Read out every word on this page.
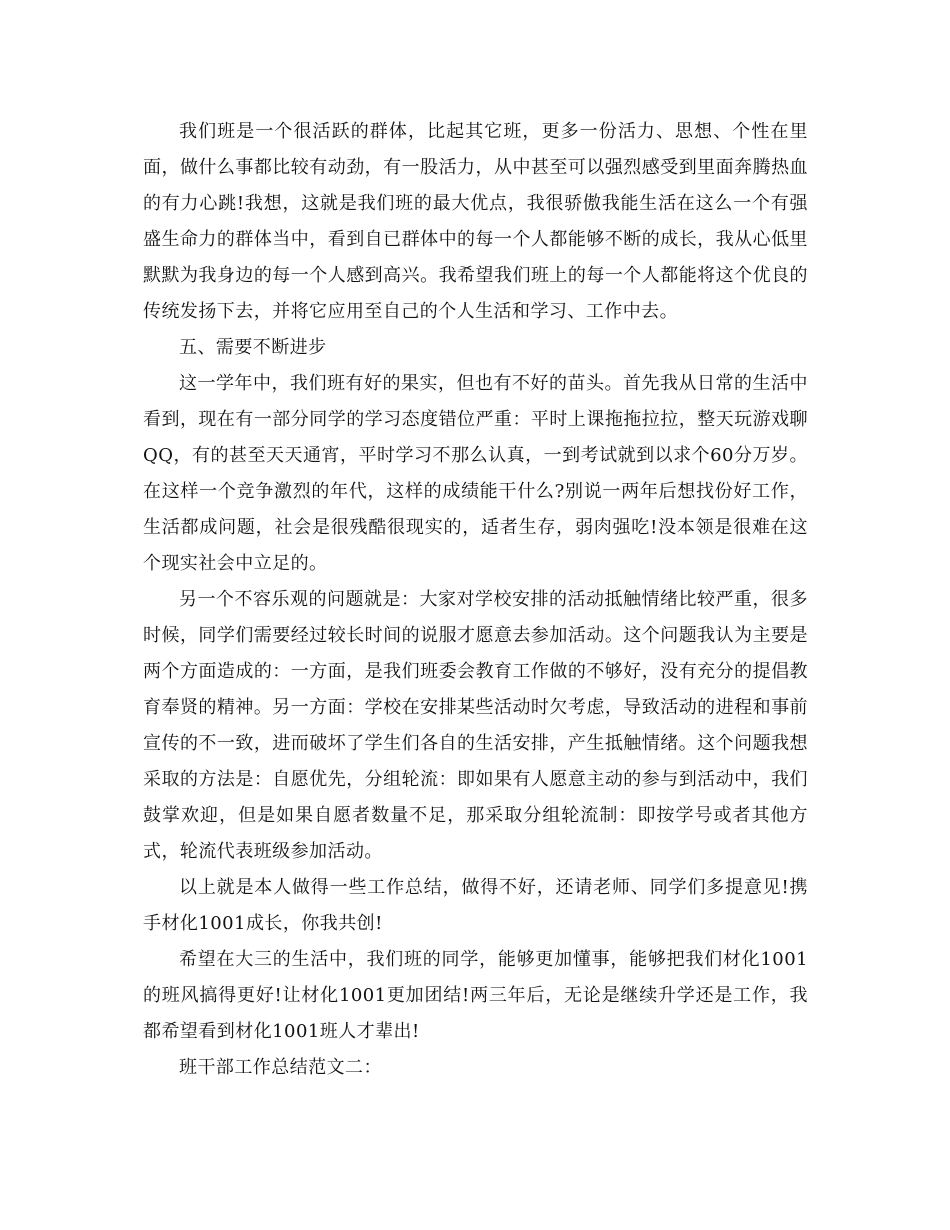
我们班是一个很活跃的群体，比起其它班，更多一份活力、思想、个性在里面，做什么事都比较有动劲，有一股活力，从中甚至可以强烈感受到里面奔腾热血的有力心跳!我想，这就是我们班的最大优点，我很骄傲我能生活在这么一个有强盛生命力的群体当中，看到自已群体中的每一个人都能够不断的成长，我从心低里默默为我身边的每一个人感到高兴。我希望我们班上的每一个人都能将这个优良的传统发扬下去，并将它应用至自己的个人生活和学习、工作中去。

五、需要不断进步

这一学年中，我们班有好的果实，但也有不好的苗头。首先我从日常的生活中看到，现在有一部分同学的学习态度错位严重：平时上课拖拖拉拉，整天玩游戏聊QQ，有的甚至天天通宵，平时学习不那么认真，一到考试就到以求个60分万岁。在这样一个竞争激烈的年代，这样的成绩能干什么?别说一两年后想找份好工作，生活都成问题，社会是很残酷很现实的，适者生存，弱肉强吃!没本领是很难在这个现实社会中立足的。

另一个不容乐观的问题就是：大家对学校安排的活动抵触情绪比较严重，很多时候，同学们需要经过较长时间的说服才愿意去参加活动。这个问题我认为主要是两个方面造成的：一方面，是我们班委会教育工作做的不够好，没有充分的提倡教育奉贤的精神。另一方面：学校在安排某些活动时欠考虑，导致活动的进程和事前宣传的不一致，进而破坏了学生们各自的生活安排，产生抵触情绪。这个问题我想采取的方法是：自愿优先，分组轮流：即如果有人愿意主动的参与到活动中，我们鼓掌欢迎，但是如果自愿者数量不足，那采取分组轮流制：即按学号或者其他方式，轮流代表班级参加活动。

以上就是本人做得一些工作总结，做得不好，还请老师、同学们多提意见!携手材化1001成长，你我共创!

希望在大三的生活中，我们班的同学，能够更加懂事，能够把我们材化1001的班风搞得更好!让材化1001更加团结!两三年后，无论是继续升学还是工作，我都希望看到材化1001班人才辈出!

班干部工作总结范文二：
